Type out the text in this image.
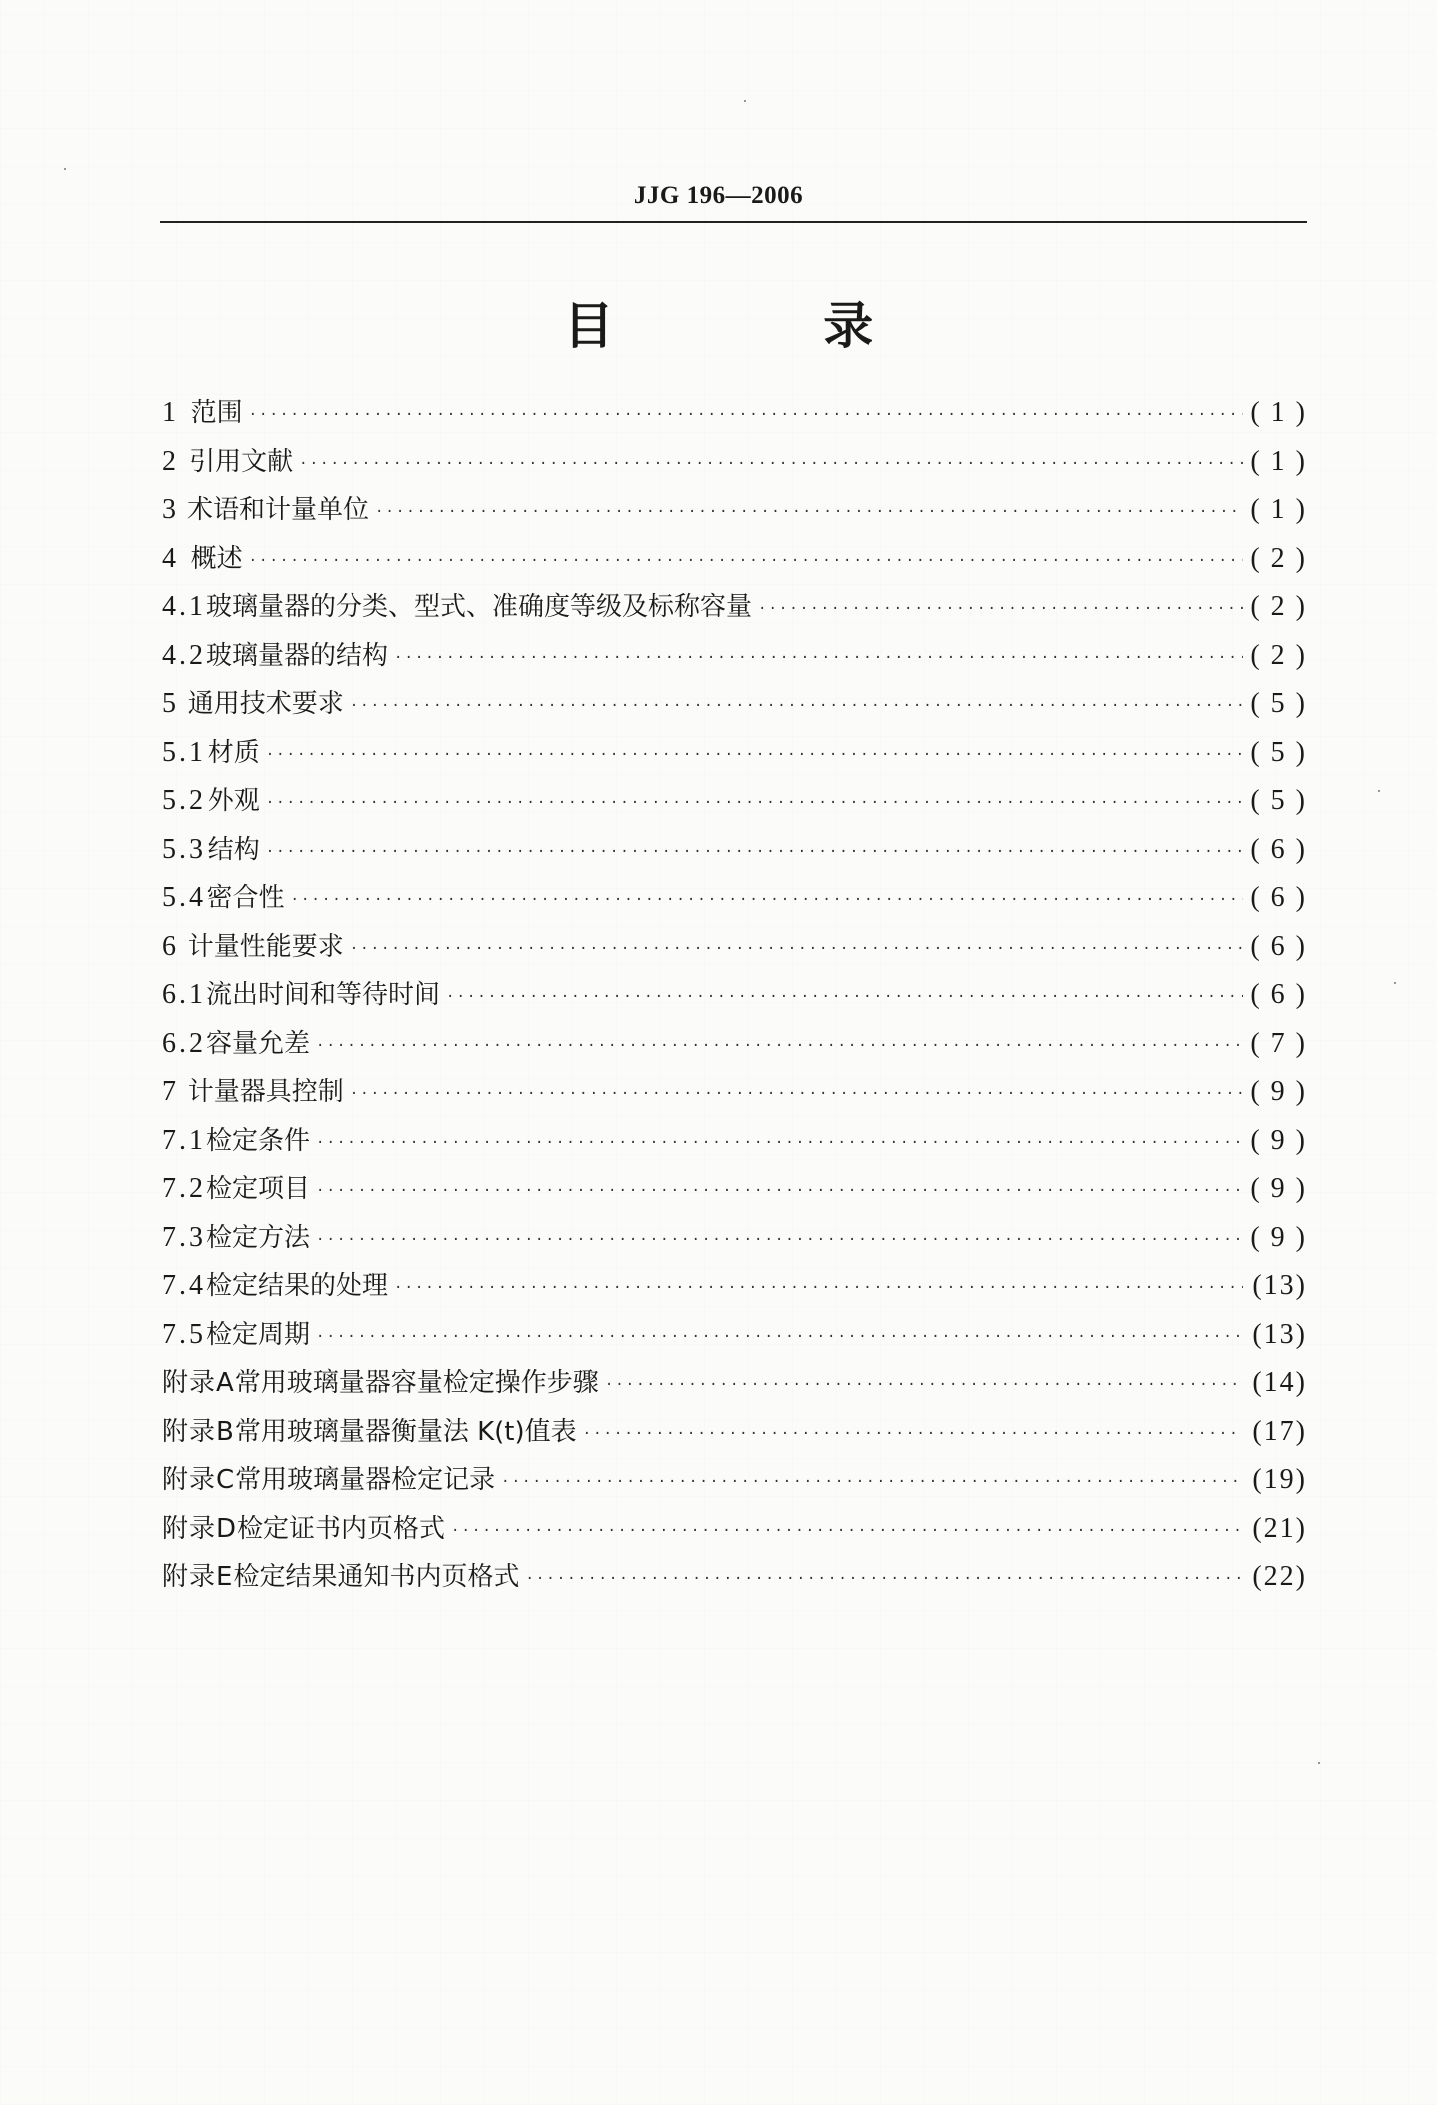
JJG 196—2006
目 录
1 范围 ·····	( 1 )
2 引用文献 ·····	( 1 )
3 术语和计量单位 ·····	( 1 )
4 概述 ·····	( 2 )
4.1 玻璃量器的分类、型式、准确度等级及标称容量 ·····	( 2 )
4.2 玻璃量器的结构 ·····	( 2 )
5 通用技术要求 ·····	( 5 )
5.1 材质 ·····	( 5 )
5.2 外观 ·····	( 5 )
5.3 结构 ·····	( 6 )
5.4 密合性 ·····	( 6 )
6 计量性能要求 ·····	( 6 )
6.1 流出时间和等待时间 ·····	( 6 )
6.2 容量允差 ·····	( 7 )
7 计量器具控制 ·····	( 9 )
7.1 检定条件 ·····	( 9 )
7.2 检定项目 ·····	( 9 )
7.3 检定方法 ·····	( 9 )
7.4 检定结果的处理 ·····	(13)
7.5 检定周期 ·····	(13)
附录A 常用玻璃量器容量检定操作步骤 ·····	(14)
附录B 常用玻璃量器衡量法 K(t)值表 ·····	(17)
附录C 常用玻璃量器检定记录 ·····	(19)
附录D 检定证书内页格式 ·····	(21)
附录E 检定结果通知书内页格式 ·····	(22)
